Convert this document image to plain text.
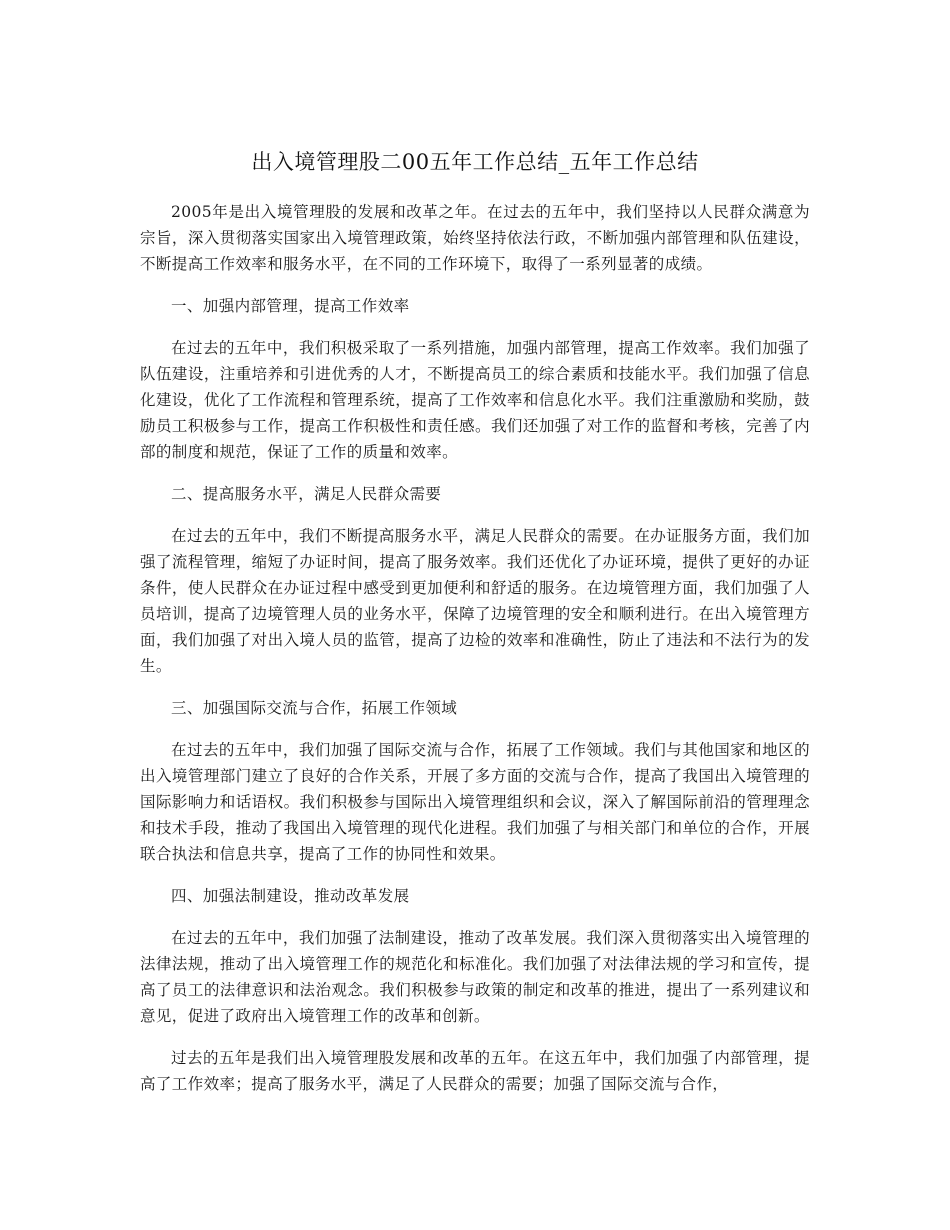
出入境管理股二00五年工作总结_五年工作总结

2005年是出入境管理股的发展和改革之年。在过去的五年中，我们坚持以人民群众满意为宗旨，深入贯彻落实国家出入境管理政策，始终坚持依法行政，不断加强内部管理和队伍建设，不断提高工作效率和服务水平，在不同的工作环境下，取得了一系列显著的成绩。

一、加强内部管理，提高工作效率

在过去的五年中，我们积极采取了一系列措施，加强内部管理，提高工作效率。我们加强了队伍建设，注重培养和引进优秀的人才，不断提高员工的综合素质和技能水平。我们加强了信息化建设，优化了工作流程和管理系统，提高了工作效率和信息化水平。我们注重激励和奖励，鼓励员工积极参与工作，提高工作积极性和责任感。我们还加强了对工作的监督和考核，完善了内部的制度和规范，保证了工作的质量和效率。

二、提高服务水平，满足人民群众需要

在过去的五年中，我们不断提高服务水平，满足人民群众的需要。在办证服务方面，我们加强了流程管理，缩短了办证时间，提高了服务效率。我们还优化了办证环境，提供了更好的办证条件，使人民群众在办证过程中感受到更加便利和舒适的服务。在边境管理方面，我们加强了人员培训，提高了边境管理人员的业务水平，保障了边境管理的安全和顺利进行。在出入境管理方面，我们加强了对出入境人员的监管，提高了边检的效率和准确性，防止了违法和不法行为的发生。

三、加强国际交流与合作，拓展工作领域

在过去的五年中，我们加强了国际交流与合作，拓展了工作领域。我们与其他国家和地区的出入境管理部门建立了良好的合作关系，开展了多方面的交流与合作，提高了我国出入境管理的国际影响力和话语权。我们积极参与国际出入境管理组织和会议，深入了解国际前沿的管理理念和技术手段，推动了我国出入境管理的现代化进程。我们加强了与相关部门和单位的合作，开展联合执法和信息共享，提高了工作的协同性和效果。

四、加强法制建设，推动改革发展

在过去的五年中，我们加强了法制建设，推动了改革发展。我们深入贯彻落实出入境管理的法律法规，推动了出入境管理工作的规范化和标准化。我们加强了对法律法规的学习和宣传，提高了员工的法律意识和法治观念。我们积极参与政策的制定和改革的推进，提出了一系列建议和意见，促进了政府出入境管理工作的改革和创新。

过去的五年是我们出入境管理股发展和改革的五年。在这五年中，我们加强了内部管理，提高了工作效率；提高了服务水平，满足了人民群众的需要；加强了国际交流与合作，
